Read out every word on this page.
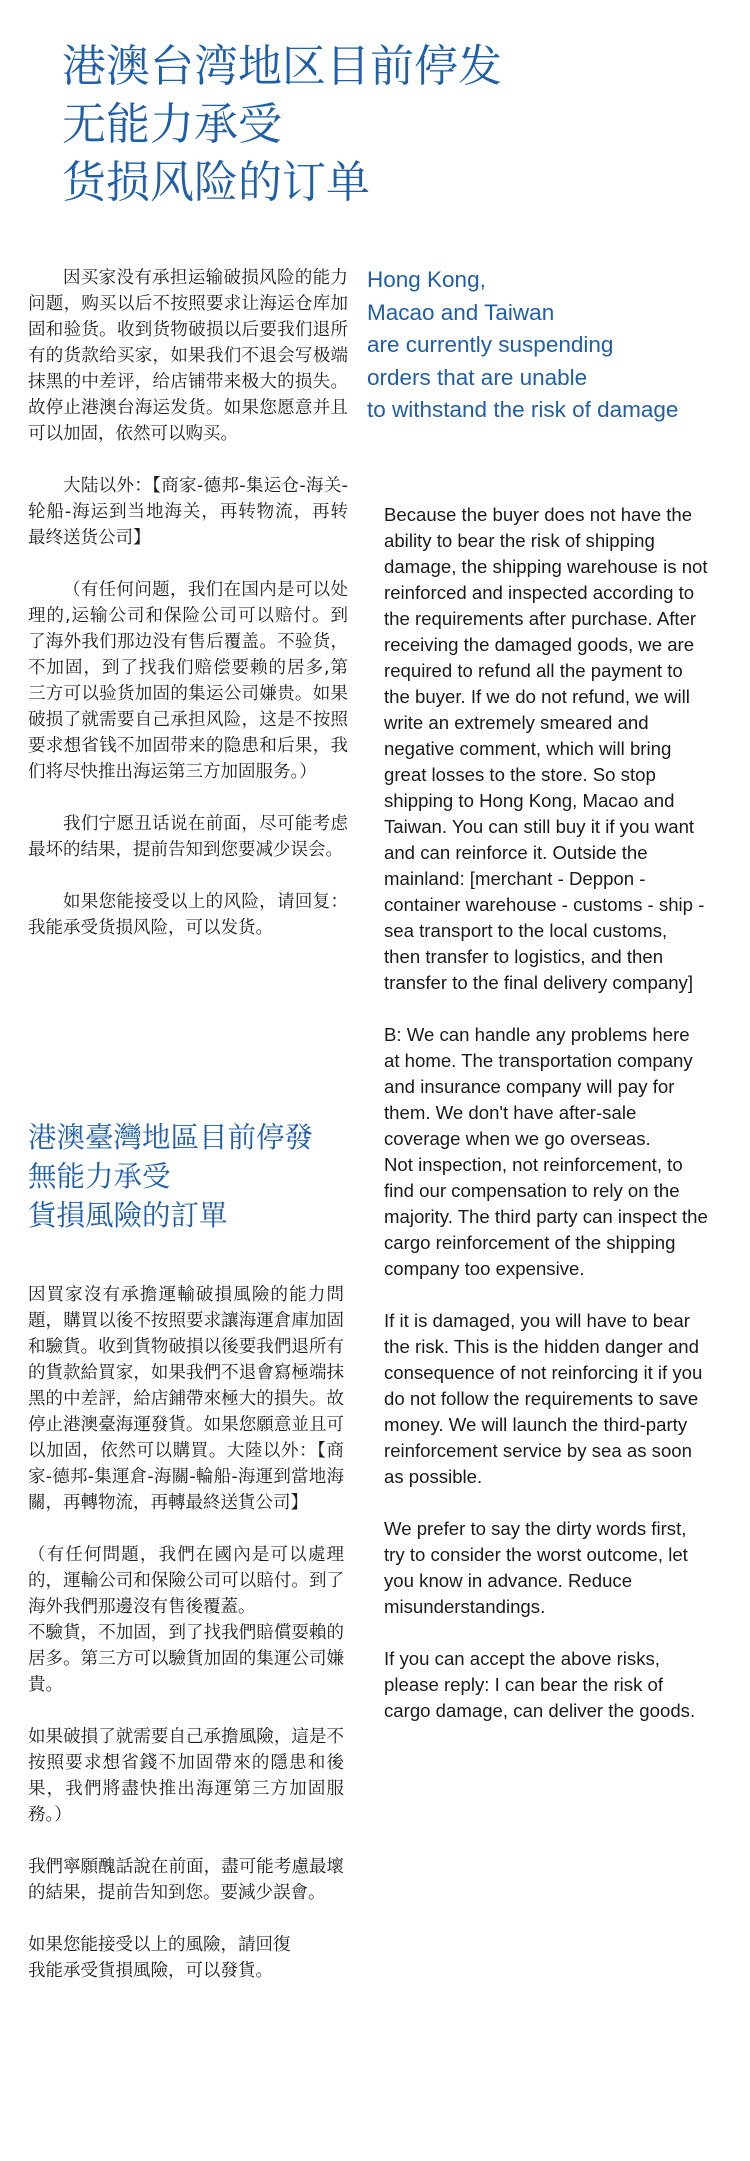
港澳台湾地区目前停发
无能力承受
货损风险的订单

因买家没有承担运输破损风险的能力问题，购买以后不按照要求让海运仓库加固和验货。收到货物破损以后要我们退所有的货款给买家，如果我们不退会写极端抹黑的中差评，给店铺带来极大的损失。故停止港澳台海运发货。如果您愿意并且可以加固，依然可以购买。

大陆以外：【商家-德邦-集运仓-海关-轮船-海运到当地海关，再转物流，再转最终送货公司】

（有任何问题，我们在国内是可以处理的,运输公司和保险公司可以赔付。到了海外我们那边没有售后覆盖。不验货，不加固，到了找我们赔偿要赖的居多,第三方可以验货加固的集运公司嫌贵。如果破损了就需要自己承担风险，这是不按照要求想省钱不加固带来的隐患和后果，我们将尽快推出海运第三方加固服务。）

我们宁愿丑话说在前面，尽可能考虑最坏的结果，提前告知到您要减少误会。

如果您能接受以上的风险，请回复：我能承受货损风险，可以发货。

Hong Kong,
Macao and Taiwan
are currently suspending
orders that are unable
to withstand the risk of damage

Because the buyer does not have the ability to bear the risk of shipping damage, the shipping warehouse is not reinforced and inspected according to the requirements after purchase. After receiving the damaged goods, we are required to refund all the payment to the buyer. If we do not refund, we will write an extremely smeared and negative comment, which will bring great losses to the store. So stop shipping to Hong Kong, Macao and Taiwan. You can still buy it if you want and can reinforce it. Outside the mainland: [merchant - Deppon - container warehouse - customs - ship - sea transport to the local customs, then transfer to logistics, and then transfer to the final delivery company]

B: We can handle any problems here at home. The transportation company and insurance company will pay for them. We don't have after-sale coverage when we go overseas.

Not inspection, not reinforcement, to find our compensation to rely on the majority. The third party can inspect the cargo reinforcement of the shipping company too expensive.

If it is damaged, you will have to bear the risk. This is the hidden danger and consequence of not reinforcing it if you do not follow the requirements to save money. We will launch the third-party reinforcement service by sea as soon as possible.

We prefer to say the dirty words first, try to consider the worst outcome, let you know in advance. Reduce misunderstandings.

If you can accept the above risks, please reply: I can bear the risk of cargo damage, can deliver the goods.

港澳臺灣地區目前停發
無能力承受
貨損風險的訂單

因買家沒有承擔運輸破損風險的能力問題，購買以後不按照要求讓海運倉庫加固和驗貨。收到貨物破損以後要我們退所有的貨款給買家，如果我們不退會寫極端抹黑的中差評，給店鋪帶來極大的損失。故停止港澳臺海運發貨。如果您願意並且可以加固，依然可以購買。大陸以外：【商家-德邦-集運倉-海關-輪船-海運到當地海關，再轉物流，再轉最終送貨公司】

（有任何問題，我們在國內是可以處理的，運輸公司和保險公司可以賠付。到了海外我們那邊沒有售後覆蓋。

不驗貨，不加固，到了找我們賠償耍賴的居多。第三方可以驗貨加固的集運公司嫌貴。

如果破損了就需要自己承擔風險，這是不按照要求想省錢不加固帶來的隱患和後果，我們將盡快推出海運第三方加固服務。）

我們寧願醜話說在前面，盡可能考慮最壞的結果，提前告知到您。要減少誤會。

如果您能接受以上的風險，請回復

我能承受貨損風險，可以發貨。
